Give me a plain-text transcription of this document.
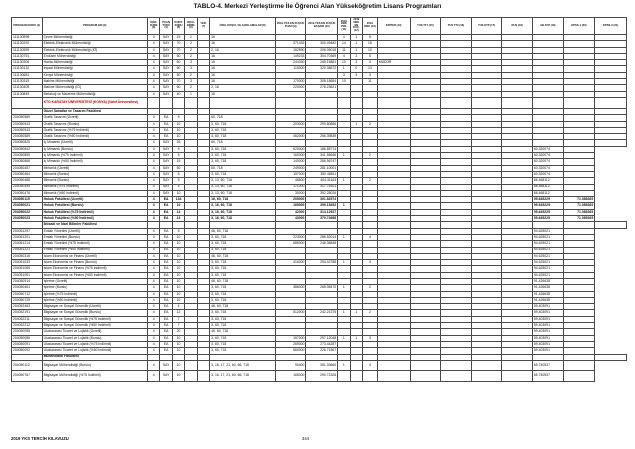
TABLO-4. Merkezi Yerleştirme İle Öğrenci Alan Yükseköğretim Lisans Programları
PROGRAM KODU (1)	PROGRAM ADI (2)	ÖĞR. SÜRE (3)	PUAN TÜRÜ (4)	KONT. SONU (5)	OKUL BİRİN. (6)	YER. (7)	ÖZEL KOŞUL VE AÇIKLAMALAR (8)	2019-YKS EN KÜÇÜK PUAN (9)	2019-YKS EN KÜÇÜK BAŞARI (10)	2019 OBK YER. (11)	2019 OBK EN KÜÇ. (12)	2019 OBK (13)	KRİTER (14)	TUS TT1 (15)	TUS TT2 (16)	TUS KTP (17)	DUS (18)	AB AYP (19)	KPSS-1 (20)	KPSS-2 (21)
111130598	Çevre Mühendisliği	4	SAY	15	1		16			4	1	5								
111130292	Elektrik-Elektronik Mühendisliği	4	SAY	70	2		16	371433	300.49482	14	1	15								
111130559	Elektrik-Elektronik Mühendisliği (İÖ)	4	SAY	70	2		2, 16	152590	206.05015	11	1	10								
111130751	Endüstri Mühendisliği	4	SAY	60	2		16	149233	304.70369	4	2	5								
111130306	Harita Mühendisliği	4	SAY	60	3		16	244330	265.15881	10	3	3	MÜDÜR							
111130132	İnşaat Mühendisliği	4	SAY	60	3		16	115000	320.08572	1	0	13								
111130681	Kimya Mühendisliği	4	SAY	50	2		16			3	3	3								
111130315	Makine Mühendisliği	4	SAY	70	3		16	170000	308.18684	10		11								
111130405	Makine Mühendisliği (İÖ)	4	SAY	60	2		2, 16	220000	278.23621											
111130849	Metalurji ve Malzeme Mühendisliği	4	SAY	40	1		16													
	KTO KARATAY ÜNİVERSİTESİ (KONYA) (Vakıf Üniversitesi)																			
	Güzel Sanatlar ve Tasarım Fakültesi																			
204050589	Grafik Tasarım (Ücretli)	4	EA	5			60, 718													
204050543	Grafik Tasarımı (Burslu)	4	EA	10			3, 60, 718	203000	290.80866		1	2								
204050543	Grafik Tasarımı (%75 İndirimli)	4	EA	10			3, 60, 718													
204050589	Grafik Tasarımı (%50 İndirimli)	4	EA	10			3, 60, 718	462000	256.39839											
204050825	İç Mimarlık (Ücretli)	4	SAY	25			60, 718													
204050842	İç Mimarlık (Burslu)	4	SAY	5			3, 60, 718	620000	186.85774									60.320074		
204050859	İç Mimarlık (%75 İndirimli)	4	SAY	5			3, 60, 718	160000	341.55646	1		2						60.320074		
204050866	İç Mimarlık (%50 İndirimli)	4	SAY	15			3, 60, 718	140000	266.56747									60.320074		
204050457	Mimarlık (Ücretli)	4	SAY	50			60, 718	249000	281.10001									60.320074		
204050464	Mimarlık (Burslu)	4	SAY	5			3, 60, 718	157000	350.48811									60.320074		
204050488	Mimarlık (Burslu)	4	SAY	5			3, 13, 60, 718	46500	404.31163	1		2						66.468112		
204050495	Mimarlık (%75 İndirimli)	4	SAY	5			3, 13, 60, 718	171000	317.75101									66.468112		
204050476	Mimarlık (%50 İndirimli)	4	SAY	10			3, 13, 60, 718	30000	392.28026									66.468112		
204050115	Hukuk Fakültesi (Ücretli)	4	EA	134			16, 60, 718	205000	301.82574									95.645229	71.085265	
204050021	Hukuk Fakültesi (Burslu)	4	EA	10			3, 16, 60, 718	165000	399.15452	1								95.645229	71.085265	
204050022	Hukuk Fakültesi (%75 İndirimli)	4	EA	14			3, 16, 60, 718	42300	314.12927									95.645229	71.085265	
204050023	Hukuk Fakültesi (%50 İndirimli)	4	EA	14			3, 16, 60, 718	43000	370.74668									95.645229	71.085265	
	İktisadi ve İdari Bilimler Fakültesi																			
204051297	Emlak Yönetimi (Ücretli)	4	EA	5			46, 60, 718											94.625021		
204051201	Emlak Yönetimi (Burslu)	4	EA	10			3, 60, 718	223000	286.52014	1		4						94.625021		
204051214	Emlak Yönetimi (%75 İndirimli)	4	EA	10			3, 60, 718	685000	246.36848									94.625021		
204051221	Emlak Yönetimi (%50 İndirimli)	4	EA	10			3, 60, 718											94.625021		
204050316	İslam Ekonomisi ve Finans (Ücretli)	4	EA	10			46, 60, 718											94.625021		
204051033	İslam Ekonomisi ve Finans (Burslu)	4	EA	10			3, 60, 718	416000	254.42788	1		3						94.625021		
204051065	İslam Ekonomisi ve Finans (%75 İndirimli)	4	EA	10			3, 60, 718											94.625021		
204051051	İslam Ekonomisi ve Finans (%50 İndirimli)	4	EA	10			3, 60, 718											94.625021		
204050914	İşletme (Ücretli)	4	EA	10			46, 60, 718											91.426638		
204050461	İşletme (Burslu)	4	EA	10			3, 60, 718	386000	265.08470	1		2						91.426638		
204050712	İşletme (%75 İndirimli)	4	EA	10			3, 60, 718											91.426638		
204050725	İşletme (%50 İndirimli)	4	EA	10			3, 60, 718											91.426638		
204052463	Bilgisayar ve Sosyal Güvenlik (Ücretli)	4	EA	4			46, 60, 718											59.403091		
204052191	Bilgisayar ve Sosyal Güvenlik (Burslu)	4	EA	12			3, 60, 718	512000	242.21375	1	1	2						59.403091		
204052211	Bilgisayar ve Sosyal Güvenlik (%75 İndirimli)	4	EA	7			3, 60, 718											59.403091		
204052212	Bilgisayar ve Sosyal Güvenlik (%50 İndirimli)	4	EA	7			3, 60, 718											59.403091		
204050055	Uluslararası Ticaret ve Lojistik (Ücretli)	4	EA	20			46, 60, 718											59.403091		
204050086	Uluslararası Ticaret ve Lojistik (Burslu)	4	EA	10			3, 60, 718	157000	297.12048	1	1	3						59.403091		
204050091	Uluslararası Ticaret ve Lojistik (%75 İndirimli)	4	EA	10			3, 60, 718	269000	273.44287									59.403091		
204050092	Uluslararası Ticaret ve Lojistik (%50 İndirimli)	4	EA	10			3, 60, 718	560000	226.71567									59.403091		
	Mühendislik Fakültesi																			
204050112	Bilgisayar Mühendisliği (Burslu)	4	SAY	10			3, 16, 17, 21, 60, 66, 718	90400	351.33660	1		4						65.740537		
204050767	Bilgisayar Mühendisliği (%75 İndirimli)	4	SAY	10			3, 16, 17, 21, 60, 66, 718	165000	290.72326									65.740537		
2019 YKS TERCİH KILAVUZU	344
